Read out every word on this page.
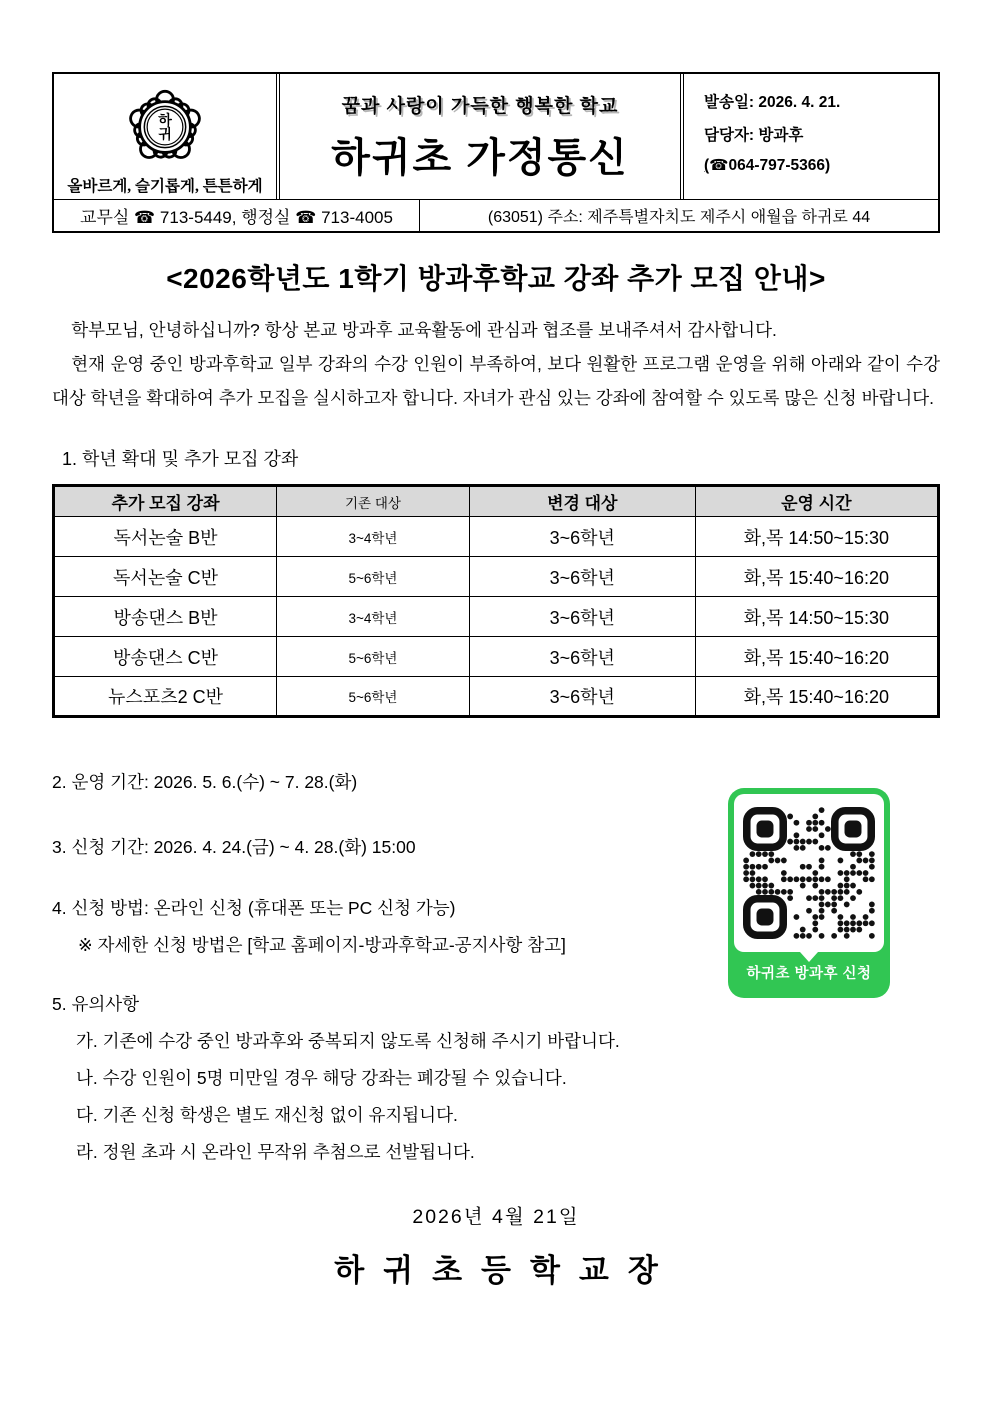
하
귀
올바르게, 슬기롭게, 튼튼하게
꿈과 사랑이 가득한 행복한 학교
하귀초 가정통신
발송일: 2026. 4. 21.
담당자: 방과후
(☎064-797-5366)
교무실 ☎ 713-5449, 행정실 ☎ 713-4005	(63051) 주소: 제주특별자치도 제주시 애월읍 하귀로 44
<2026학년도 1학기 방과후학교 강좌 추가 모집 안내>

학부모님, 안녕하십니까? 항상 본교 방과후 교육활동에 관심과 협조를 보내주셔서 감사합니다.

현재 운영 중인 방과후학교 일부 강좌의 수강 인원이 부족하여, 보다 원활한 프로그램 운영을 위해 아래와 같이 수강 대상 학년을 확대하여 추가 모집을 실시하고자 합니다. 자녀가 관심 있는 강좌에 참여할 수 있도록 많은 신청 바랍니다.

1. 학년 확대 및 추가 모집 강좌
추가 모집 강좌	기존 대상	변경 대상	운영 시간
독서논술 B반	3~4학년	3~6학년	화,목 14:50~15:30
독서논술 C반	5~6학년	3~6학년	화,목 15:40~16:20
방송댄스 B반	3~4학년	3~6학년	화,목 14:50~15:30
방송댄스 C반	5~6학년	3~6학년	화,목 15:40~16:20
뉴스포츠2 C반	5~6학년	3~6학년	화,목 15:40~16:20
2. 운영 기간: 2026. 5. 6.(수) ~ 7. 28.(화)
3. 신청 기간: 2026. 4. 24.(금) ~ 4. 28.(화) 15:00
4. 신청 방법: 온라인 신청 (휴대폰 또는 PC 신청 가능)
※ 자세한 신청 방법은 [학교 홈페이지-방과후학교-공지사항 참고]
5. 유의사항
가. 기존에 수강 중인 방과후와 중복되지 않도록 신청해 주시기 바랍니다.
나. 수강 인원이 5명 미만일 경우 해당 강좌는 폐강될 수 있습니다.
다. 기존 신청 학생은 별도 재신청 없이 유지됩니다.
라. 정원 초과 시 온라인 무작위 추첨으로 선발됩니다.
하귀초 방과후 신청
2026년 4월 21일
하귀초등학교장
